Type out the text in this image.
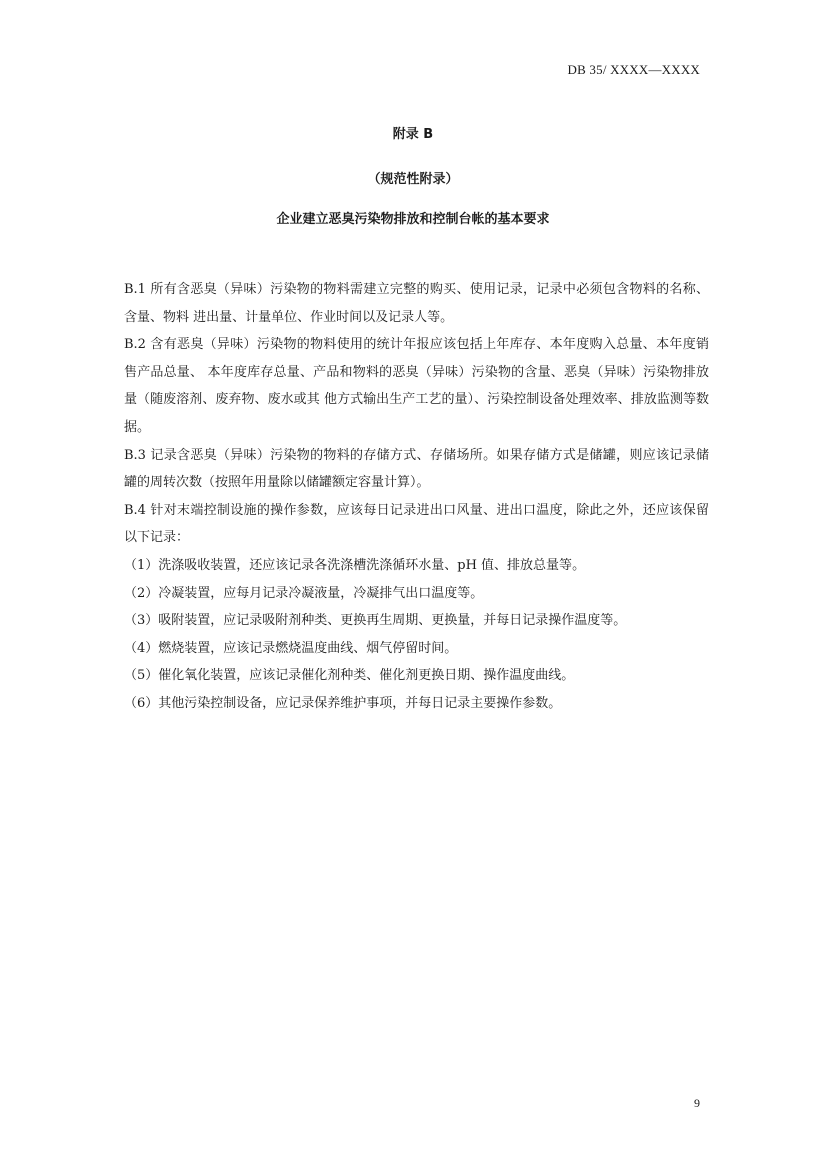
DB 35/ XXXX—XXXX
附录 B
（规范性附录）
企业建立恶臭污染物排放和控制台帐的基本要求

B.1 所有含恶臭（异味）污染物的物料需建立完整的购买、使用记录，记录中必须包含物料的名称、含量、物料 进出量、计量单位、作业时间以及记录人等。

B.2 含有恶臭（异味）污染物的物料使用的统计年报应该包括上年库存、本年度购入总量、本年度销售产品总量、 本年度库存总量、产品和物料的恶臭（异味）污染物的含量、恶臭（异味）污染物排放量（随废溶剂、废弃物、废水或其 他方式输出生产工艺的量）、污染控制设备处理效率、排放监测等数据。

B.3 记录含恶臭（异味）污染物的物料的存储方式、存储场所。如果存储方式是储罐，则应该记录储罐的周转次数（按照年用量除以储罐额定容量计算）。

B.4 针对末端控制设施的操作参数，应该每日记录进出口风量、进出口温度，除此之外，还应该保留以下记录：

（1）洗涤吸收装置，还应该记录各洗涤槽洗涤循环水量、pH 值、排放总量等。

（2）冷凝装置，应每月记录冷凝液量，冷凝排气出口温度等。

（3）吸附装置，应记录吸附剂种类、更换再生周期、更换量，并每日记录操作温度等。

（4）燃烧装置，应该记录燃烧温度曲线、烟气停留时间。

（5）催化氧化装置，应该记录催化剂种类、催化剂更换日期、操作温度曲线。

（6）其他污染控制设备，应记录保养维护事项，并每日记录主要操作参数。

9
